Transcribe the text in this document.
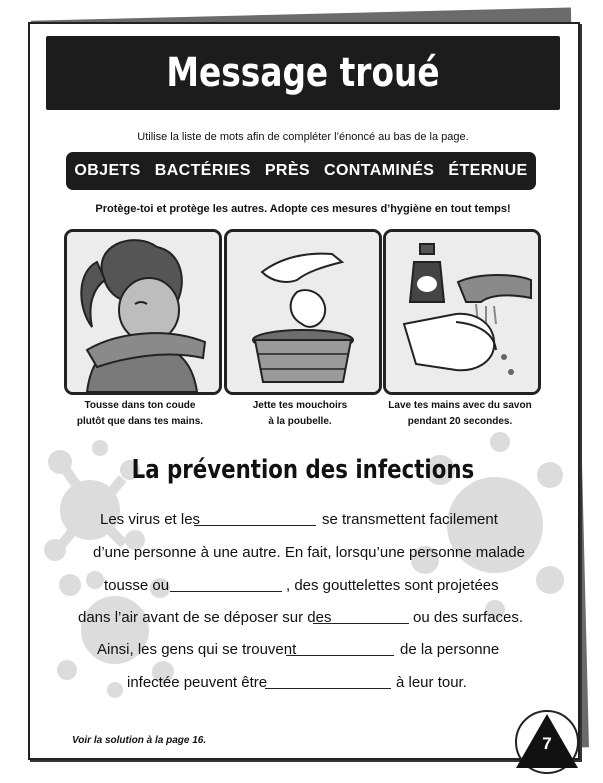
Message troué
Utilise la liste de mots afin de compléter l’énoncé au bas de la page.
OBJETS BACTÉRIES PRÈS CONTAMINÉS ÉTERNUE
Protège-toi et protège les autres. Adopte ces mesures d’hygiène en tout temps!
Tousse dans ton coude
plutôt que dans tes mains.
Jette tes mouchoirs
à la poubelle.
Lave tes mains avec du savon
pendant 20 secondes.
La prévention des infections
Les virus et les	se transmettent facilement
d’une personne à une autre. En fait, lorsqu’une personne malade
tousse ou	, des gouttelettes sont projetées
dans l’air avant de se déposer sur des	ou des surfaces.
Ainsi, les gens qui se trouvent	de la personne
infectée peuvent être	à leur tour.
Voir la solution à la page 16.	7
